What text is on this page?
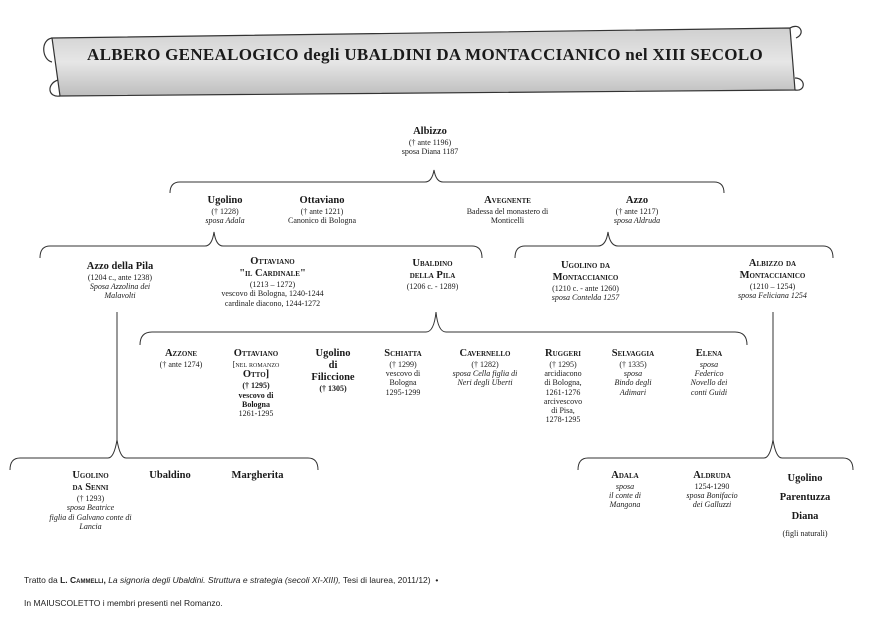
ALBERO GENEALOGICO degli UBALDINI DA MONTACCIANICO nel XIII SECOLO
Albizzo
(† ante 1196)
sposa Diana 1187
Ugolino
(† 1228)
sposa Adala
Ottaviano
(† ante 1221)
Canonico di Bologna
Avegnente
Badessa del monastero di
Monticelli
Azzo
(† ante 1217)
sposa Aldruda
Azzo della Pila
(1204 c., ante 1238)
Sposa Azzolina dei
Malavolti
Ottaviano
"il Cardinale"
(1213 – 1272)
vescovo di Bologna, 1240-1244
cardinale diacono, 1244-1272
Ubaldino
della Pila
(1206 c. - 1289)
Ugolino da
Montaccianico
(1210 c. - ante 1260)
sposa Contelda 1257
Albizzo da
Montaccianico
(1210 – 1254)
sposa Feliciana 1254
Azzone
(† ante 1274)
Ottaviano
[nel romanzo
Otto]
(† 1295)
vescovo di
Bologna
1261-1295
Ugolino
di
Filiccione
(† 1305)
Schiatta
(† 1299)
vescovo di
Bologna
1295-1299
Cavernello
(† 1282)
sposa Cella figlia di
Neri degli Uberti
Ruggeri
(† 1295)
arcidiacono
di Bologna,
1261-1276
arcivescovo
di Pisa,
1278-1295
Selvaggia
(† 1335)
sposa
Bindo degli
Adimari
Elena
sposa
Federico
Novello dei
conti Guidi
Ugolino
da Senni
(† 1293)
sposa Beatrice
figlia di Galvano conte di
Lancia
Ubaldino	Margherita	Adala
sposa
il conte di
Mangona
Aldruda
1254-1290
sposa Bonifacio
dei Galluzzi
Ugolino
Parentuzza
Diana
(figli naturali)
Tratto da L. Cammelli, La signoria degli Ubaldini. Struttura e strategia (secoli XI-XIII), Tesi di laurea, 2011/12)  •
In MAIUSCOLETTO i membri presenti nel Romanzo.
